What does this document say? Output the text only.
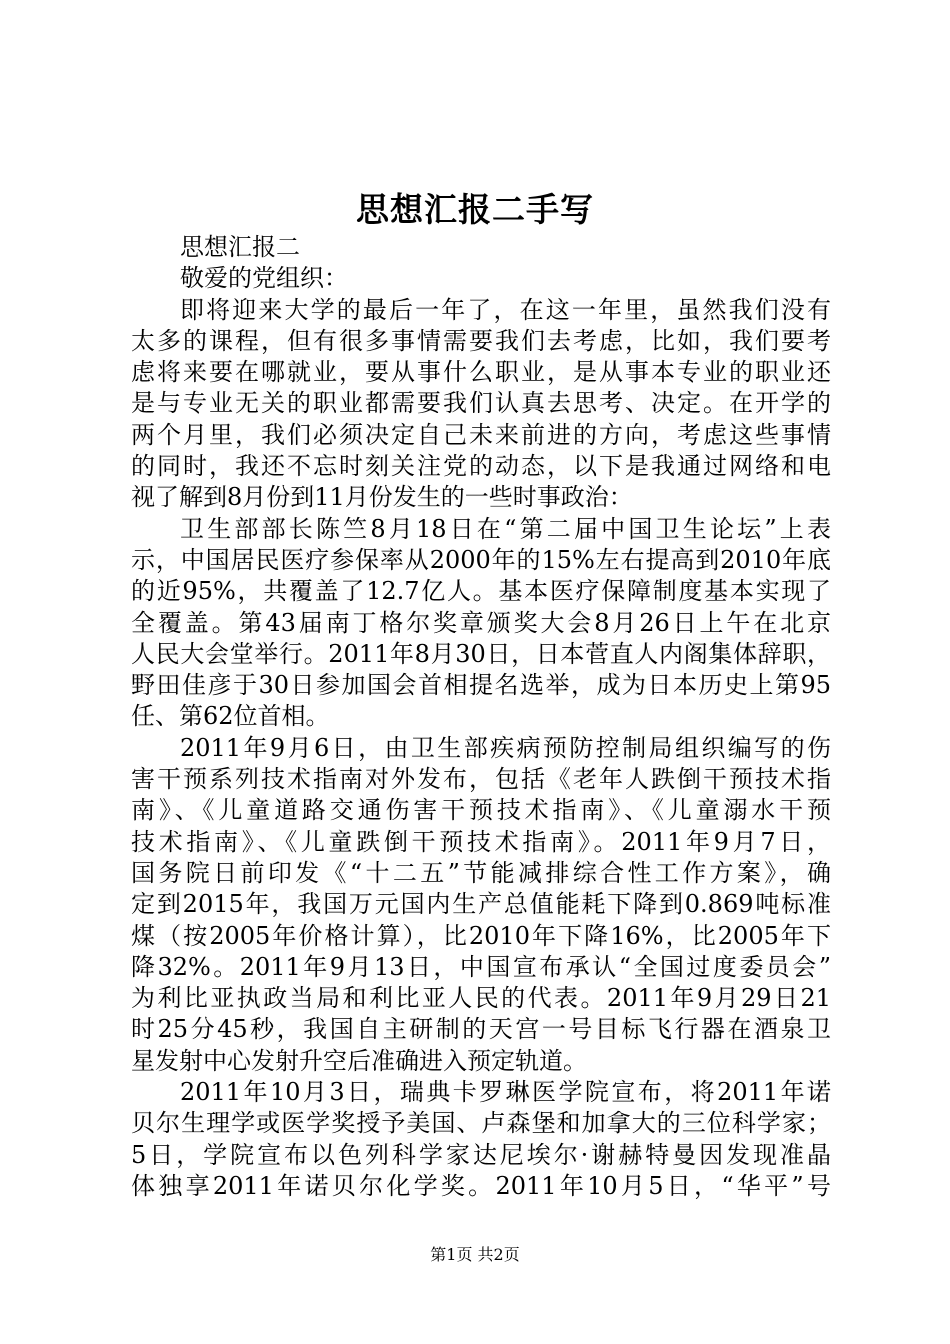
思想汇报二手写
思想汇报二
敬爱的党组织：
即将迎来大学的最后一年了，在这一年里，虽然我们没有
太多的课程，但有很多事情需要我们去考虑，比如，我们要考
虑将来要在哪就业，要从事什么职业，是从事本专业的职业还
是与专业无关的职业都需要我们认真去思考、决定。在开学的
两个月里，我们必须决定自己未来前进的方向，考虑这些事情
的同时，我还不忘时刻关注党的动态，以下是我通过网络和电
视了解到8月份到11月份发生的一些时事政治：
卫生部部长陈竺8月18日在“第二届中国卫生论坛”上表
示，中国居民医疗参保率从2000年的15%左右提高到2010年底
的近95%，共覆盖了12.7亿人。基本医疗保障制度基本实现了
全覆盖。第43届南丁格尔奖章颁奖大会8月26日上午在北京
人民大会堂举行。2011年8月30日，日本菅直人内阁集体辞职，
野田佳彦于30日参加国会首相提名选举，成为日本历史上第95
任、第62位首相。
2011年9月6日，由卫生部疾病预防控制局组织编写的伤
害干预系列技术指南对外发布，包括《老年人跌倒干预技术指
南》、《儿童道路交通伤害干预技术指南》、《儿童溺水干预
技术指南》、《儿童跌倒干预技术指南》。2011年9月7日，
国务院日前印发《“十二五”节能减排综合性工作方案》，确
定到2015年，我国万元国内生产总值能耗下降到0.869吨标准
煤（按2005年价格计算），比2010年下降16%，比2005年下
降32%。2011年9月13日，中国宣布承认“全国过度委员会”
为利比亚执政当局和利比亚人民的代表。2011年9月29日21
时25分45秒，我国自主研制的天宫一号目标飞行器在酒泉卫
星发射中心发射升空后准确进入预定轨道。
2011年10月3日，瑞典卡罗琳医学院宣布，将2011年诺
贝尔生理学或医学奖授予美国、卢森堡和加拿大的三位科学家；
5日，学院宣布以色列科学家达尼埃尔·谢赫特曼因发现准晶
体独享2011年诺贝尔化学奖。2011年10月5日，“华平”号
第1页 共2页
